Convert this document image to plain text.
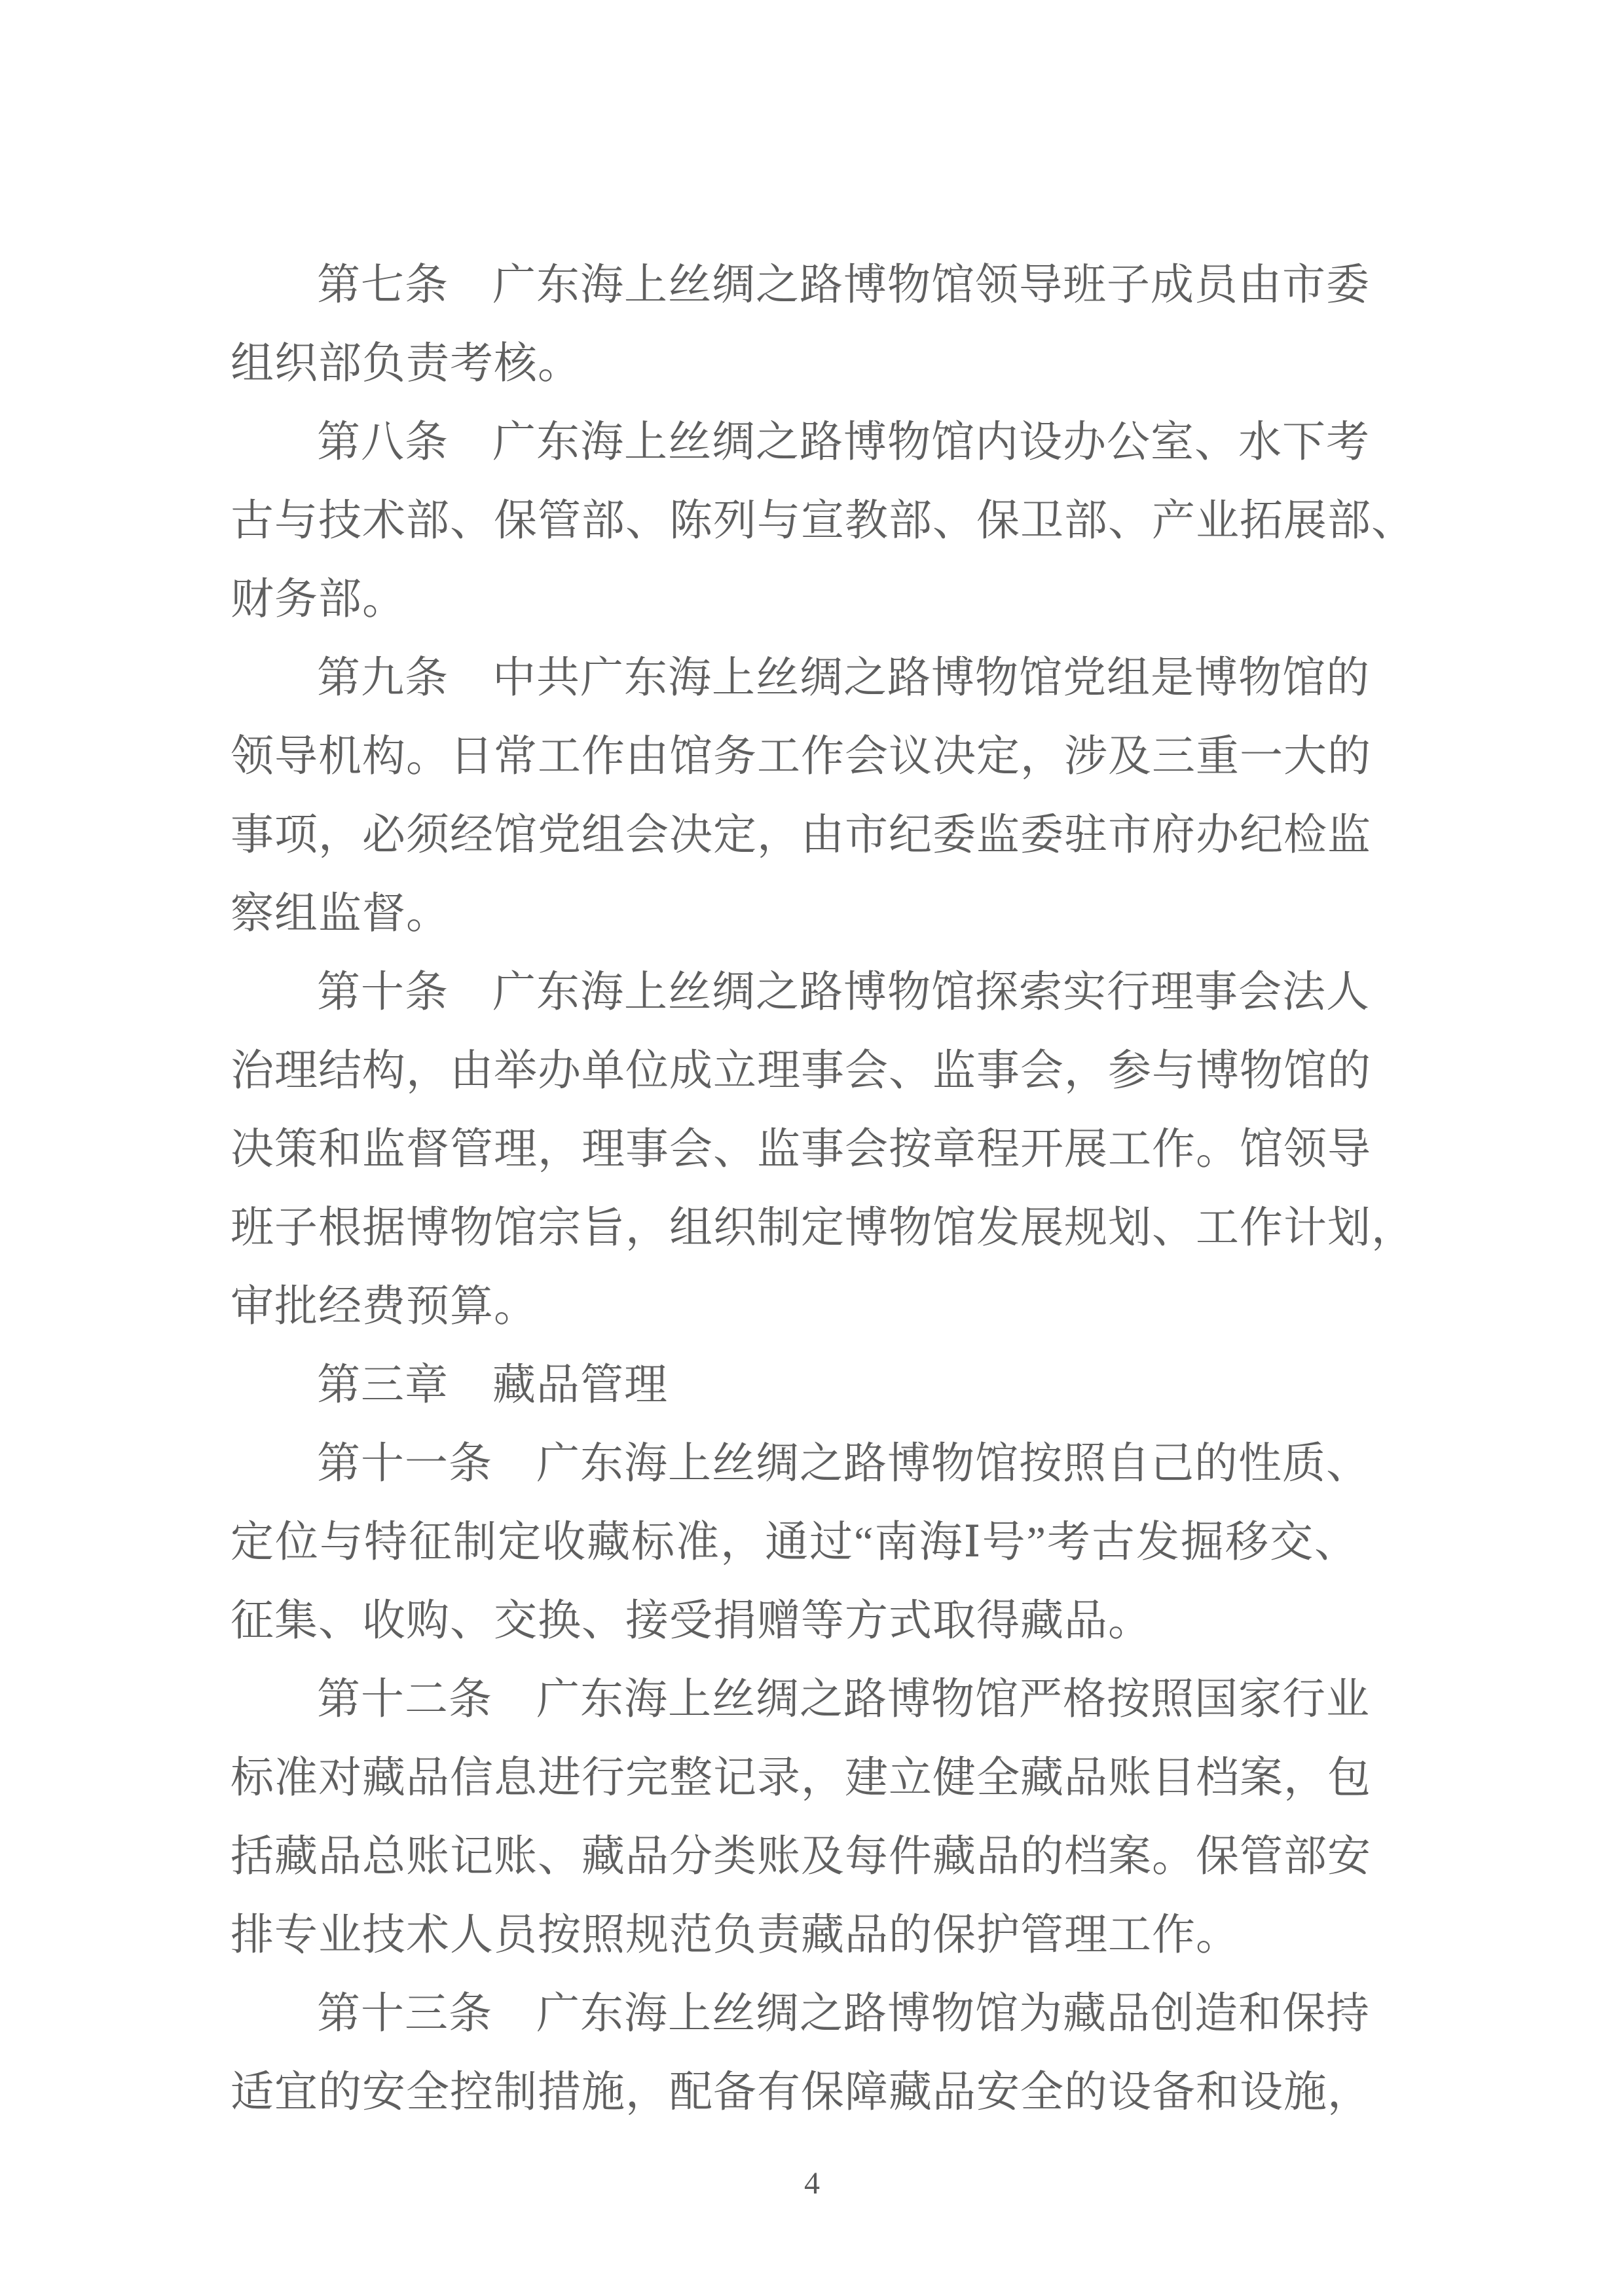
第七条　广东海上丝绸之路博物馆领导班子成员由市委
组织部负责考核。
第八条　广东海上丝绸之路博物馆内设办公室、水下考
古与技术部、保管部、陈列与宣教部、保卫部、产业拓展部、
财务部。
第九条　中共广东海上丝绸之路博物馆党组是博物馆的
领导机构。日常工作由馆务工作会议决定，涉及三重一大的
事项，必须经馆党组会决定，由市纪委监委驻市府办纪检监
察组监督。
第十条　广东海上丝绸之路博物馆探索实行理事会法人
治理结构，由举办单位成立理事会、监事会，参与博物馆的
决策和监督管理，理事会、监事会按章程开展工作。馆领导
班子根据博物馆宗旨，组织制定博物馆发展规划、工作计划，
审批经费预算。
第三章　藏品管理
第十一条　广东海上丝绸之路博物馆按照自己的性质、
定位与特征制定收藏标准，通过“南海Ⅰ号”考古发掘移交、
征集、收购、交换、接受捐赠等方式取得藏品。
第十二条　广东海上丝绸之路博物馆严格按照国家行业
标准对藏品信息进行完整记录，建立健全藏品账目档案，包
括藏品总账记账、藏品分类账及每件藏品的档案。保管部安
排专业技术人员按照规范负责藏品的保护管理工作。
第十三条　广东海上丝绸之路博物馆为藏品创造和保持
适宜的安全控制措施，配备有保障藏品安全的设备和设施，
4
